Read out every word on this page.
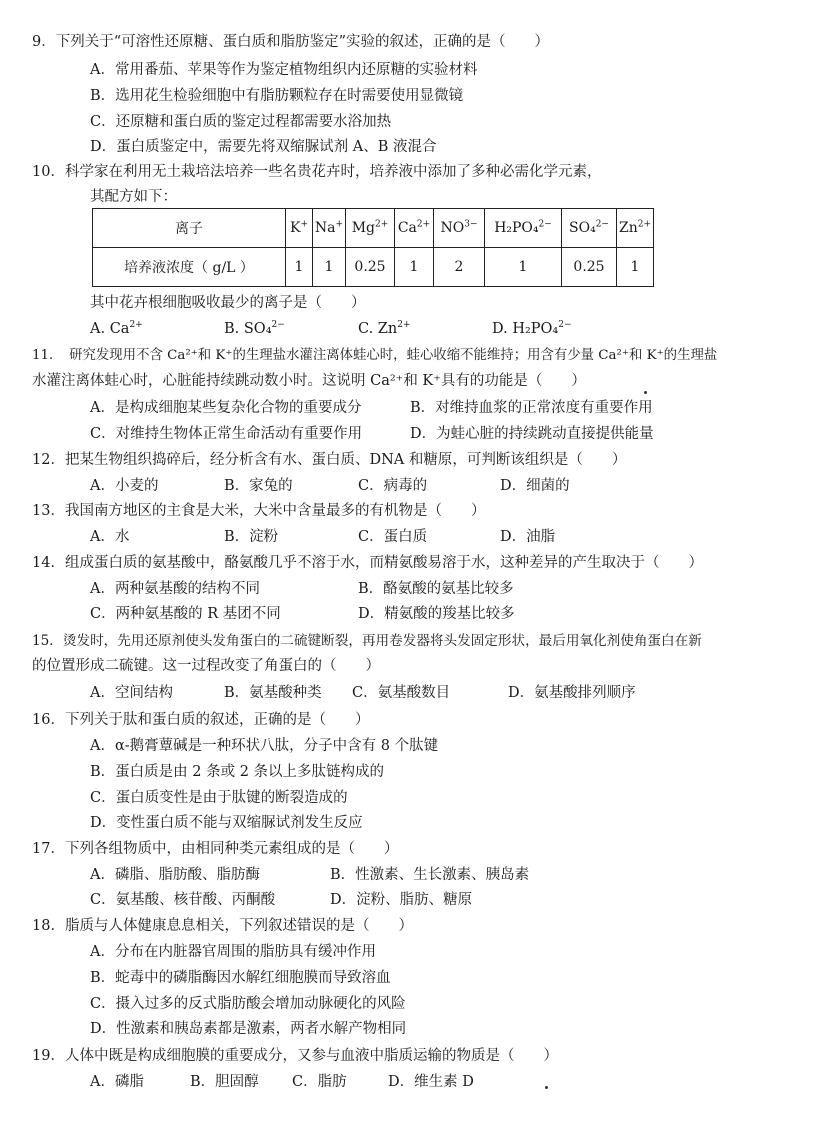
9．下列关于“可溶性还原糖、蛋白质和脂肪鉴定”实验的叙述，正确的是（　　）
A．常用番茄、苹果等作为鉴定植物组织内还原糖的实验材料
B．选用花生检验细胞中有脂肪颗粒存在时需要使用显微镜
C．还原糖和蛋白质的鉴定过程都需要水浴加热
D．蛋白质鉴定中，需要先将双缩脲试剂 A、B 液混合
10．科学家在利用无土栽培法培养一些名贵花卉时，培养液中添加了多种必需化学元素，
其配方如下：
离子	K+	Na+	$Mg^{2+}$	$Ca^{2+}$	$NO^{3-}$	H₂PO₄$^{2-}$	SO₄$^{2-}$	$Zn^{2+}$
培养液浓度（ g/L ）	1	1	0.25	1	2	1	0.25	1
其中花卉根细胞吸收最少的离子是（　　）
A. $Ca^{2+}$	B. SO₄$^{2-}$	C. $Zn^{2+}$	D. H₂PO₄$^{2-}$
11．　研究发现用不含 Ca²⁺和 K⁺的生理盐水灌注离体蛙心时，蛙心收缩不能维持；用含有少量 Ca²⁺和 K⁺的生理盐
水灌注离体蛙心时，心脏能持续跳动数小时。这说明 Ca²⁺和 K⁺具有的功能是（　　）
A．是构成细胞某些复杂化合物的重要成分	B．对维持血浆的正常浓度有重要作用
C．对维持生物体正常生命活动有重要作用	D．为蛙心脏的持续跳动直接提供能量
12．把某生物组织捣碎后，经分析含有水、蛋白质、DNA 和糖原，可判断该组织是（　　）
A．小麦的	B．家兔的	C．病毒的	D．细菌的
13．我国南方地区的主食是大米，大米中含量最多的有机物是（　　）
A．水	B．淀粉	C．蛋白质	D．油脂
14．组成蛋白质的氨基酸中，酪氨酸几乎不溶于水，而精氨酸易溶于水，这种差异的产生取决于（　　）
A．两种氨基酸的结构不同	B．酪氨酸的氨基比较多
C．两种氨基酸的 R 基团不同	D．精氨酸的羧基比较多
15．烫发时，先用还原剂使头发角蛋白的二硫键断裂，再用卷发器将头发固定形状，最后用氧化剂使角蛋白在新
的位置形成二硫键。这一过程改变了角蛋白的（　　）
A．空间结构	B．氨基酸种类 C．氨基酸数目	D．氨基酸排列顺序
16．下列关于肽和蛋白质的叙述，正确的是（　　）
A．α-鹅膏蕈碱是一种环状八肽，分子中含有 8 个肽键
B．蛋白质是由 2 条或 2 条以上多肽链构成的
C．蛋白质变性是由于肽键的断裂造成的
D．变性蛋白质不能与双缩脲试剂发生反应
17．下列各组物质中，由相同种类元素组成的是（　　）
A．磷脂、脂肪酸、脂肪酶	B．性激素、生长激素、胰岛素
C．氨基酸、核苷酸、丙酮酸	D．淀粉、脂肪、糖原
18．脂质与人体健康息息相关，下列叙述错误的是（　　）
A．分布在内脏器官周围的脂肪具有缓冲作用
B．蛇毒中的磷脂酶因水解红细胞膜而导致溶血
C．摄入过多的反式脂肪酸会增加动脉硬化的风险
D．性激素和胰岛素都是激素，两者水解产物相同
19．人体中既是构成细胞膜的重要成分，又参与血液中脂质运输的物质是（　　）
A．磷脂	B．胆固醇 C．脂肪	D．维生素 D
